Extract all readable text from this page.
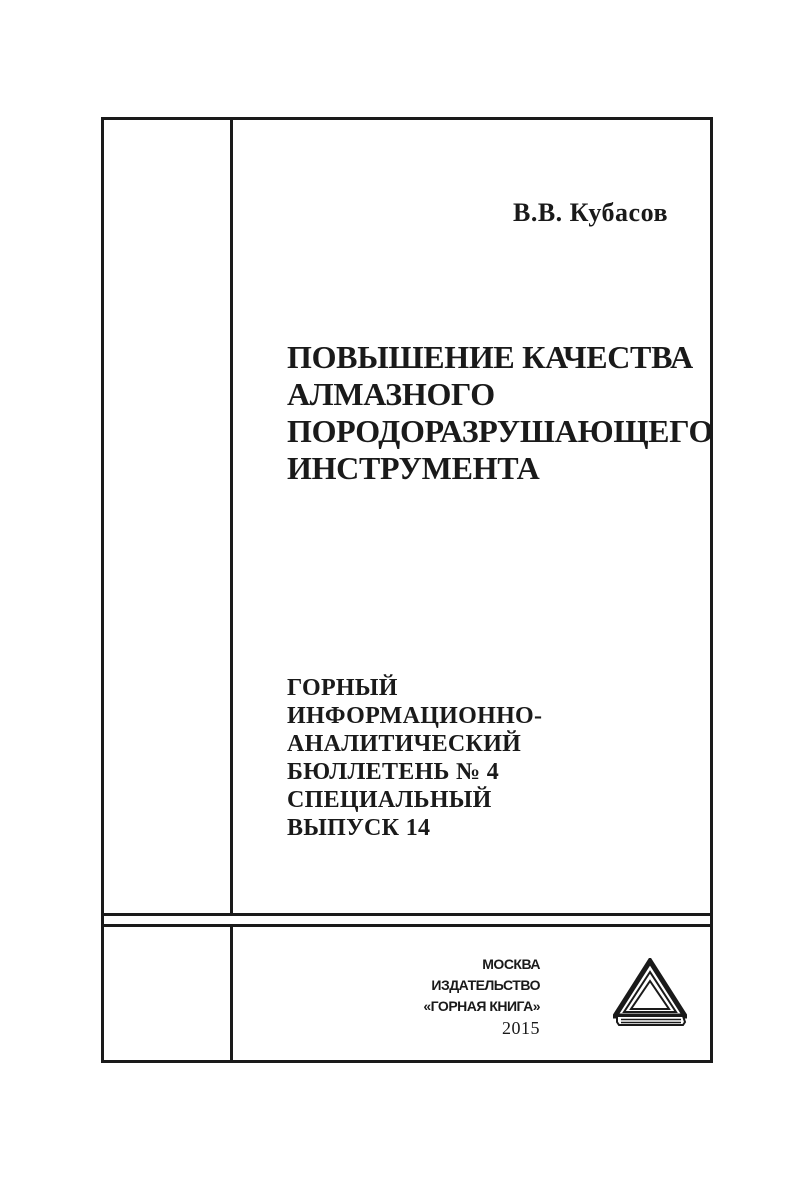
В.В. Кубасов
ПОВЫШЕНИЕ КАЧЕСТВА
АЛМАЗНОГО
ПОРОДОРАЗРУШАЮЩЕГО
ИНСТРУМЕНТА
ГОРНЫЙ
ИНФОРМАЦИОННО-
АНАЛИТИЧЕСКИЙ
БЮЛЛЕТЕНЬ № 4
СПЕЦИАЛЬНЫЙ
ВЫПУСК 14
МОСКВА
ИЗДАТЕЛЬСТВО
«ГОРНАЯ КНИГА»
2015
